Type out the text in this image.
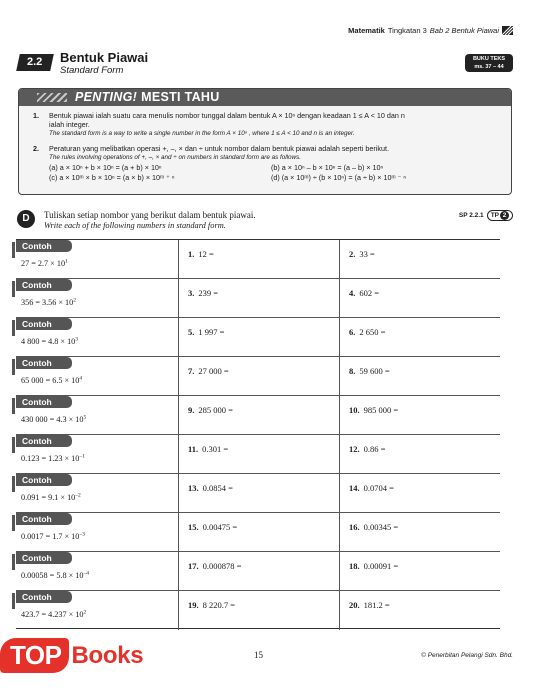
Matematik Tingkatan 3 Bab 2 Bentuk Piawai
2.2	Bentuk Piawai
Standard Form
BUKU TEKS
ms. 37 – 44
PENTING! MESTI TAHU
1. Bentuk piawai ialah suatu cara menulis nombor tunggal dalam bentuk A × 10ⁿ dengan keadaan 1 ≤ A < 10 dan n
ialah integer.
The standard form is a way to write a single number in the form A × 10ⁿ , where 1 ≤ A < 10 and n is an integer.
2. Peraturan yang melibatkan operasi +, –, × dan ÷ untuk nombor dalam bentuk piawai adalah seperti berikut.
The rules involving operations of +, –, × and ÷ on numbers in standard form are as follows.
(a) a × 10ⁿ + b × 10ⁿ = (a + b) × 10ⁿ	(b) a × 10ⁿ – b × 10ⁿ = (a – b) × 10ⁿ
(c) a × 10ᵐ × b × 10ⁿ = (a × b) × 10ᵐ ⁺ ⁿ	(d) (a × 10ᵐ) ÷ (b × 10ⁿ) = (a ÷ b) × 10ᵐ ⁻ ⁿ
D	Tuliskan setiap nombor yang berikut dalam bentuk piawai.
Write each of the following numbers in standard form.
SP 2.2.1 TP 2
Contoh
$27 = 2.7 \times 10^1$
1. 12 =	2. 33 =
Contoh
$356 = 3.56 \times 10^2$
3. 239 =	4. 602 =
Contoh
4 $800 = 4.8 \times 10^3$
5. 1 997 =	6. 2 650 =
Contoh
65 $000 = 6.5 \times 10^4$
7. 27 000 =	8. 59 600 =
Contoh
430 $000 = 4.3 \times 10^5$
9. 285 000 =	10. 985 000 =
Contoh
$0.123 = 1.23 \times 10^{-1}$
11. 0.301 =	12. 0.86 =
Contoh
$0.091 = 9.1 \times 10^{-2}$
13. 0.0854 =	14. 0.0704 =
Contoh
$0.0017 = 1.7 \times 10^{-3}$
15. 0.00475 =	16. 0.00345 =
Contoh
$0.00058 = 5.8 \times 10^{-4}$
17. 0.000878 =	18. 0.00091 =
Contoh
$423.7 = 4.237 \times 10^2$
19. 8 220.7 =	20. 181.2 =
TOP Books	15	© Penerbitan Pelangi Sdn. Bhd.
